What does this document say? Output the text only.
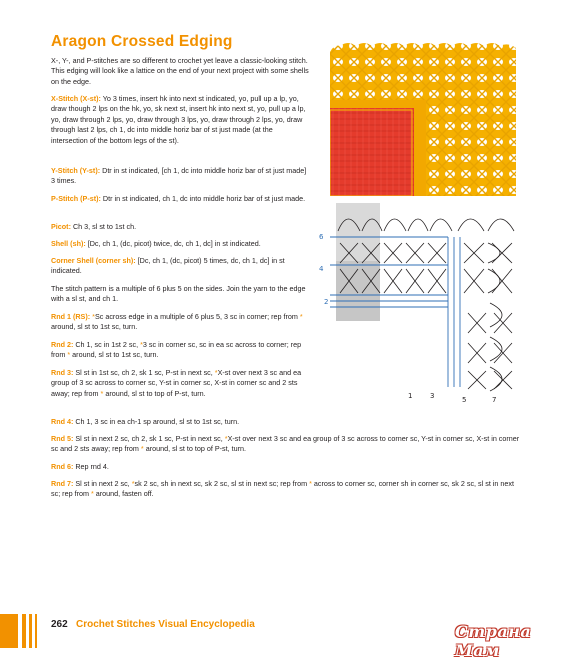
Aragon Crossed Edging
X-, Y-, and P-stitches are so different to crochet yet leave a classic-looking stitch. This edging will look like a lattice on the end of your next project with some shells on the edge.
X-Stitch (X-st): Yo 3 times, insert hk into next st indicated, yo, pull up a lp, yo, draw though 2 lps on the hk, yo, sk next st, insert hk into next st, yo, pull up a lp, yo, draw through 2 lps, yo, draw through 3 lps, yo, draw through 2 lps, yo, draw through last 2 lps, ch 1, dc into middle horiz bar of st just made (at the intersection of the bottom legs of the st).
Y-Stitch (Y-st): Dtr in st indicated, [ch 1, dc into middle horiz bar of st just made] 3 times.
P-Stitch (P-st): Dtr in st indicated, ch 1, dc into middle horiz bar of st just made.
Picot: Ch 3, sl st to 1st ch.
Shell (sh): [Dc, ch 1, (dc, picot) twice, dc, ch 1, dc] in st indicated.
Corner Shell (corner sh): [Dc, ch 1, (dc, picot) 5 times, dc, ch 1, dc] in st indicated.
The stitch pattern is a multiple of 6 plus 5 on the sides. Join the yarn to the edge with a sl st, and ch 1.
Rnd 1 (RS): *Sc across edge in a multiple of 6 plus 5, 3 sc in corner; rep from * around, sl st to 1st sc, turn.
Rnd 2: Ch 1, sc in 1st 2 sc, *3 sc in corner sc, sc in ea sc across to corner; rep from * around, sl st to 1st sc, turn.
Rnd 3: Sl st in 1st sc, ch 2, sk 1 sc, P-st in next sc, *X-st over next 3 sc and ea group of 3 sc across to corner sc, Y-st in corner sc, X-st in corner sc and 2 sts away; rep from * around, sl st to top of P-st, turn.
Rnd 4: Ch 1, 3 sc in ea ch-1 sp around, sl st to 1st sc, turn.
Rnd 5: Sl st in next 2 sc, ch 2, sk 1 sc, P-st in next sc, *X-st over next 3 sc and ea group of 3 sc across to corner sc, Y-st in corner sc, X-st in corner sc and 2 sts away; rep from * around, sl st to top of P-st, turn.
Rnd 6: Rep rnd 4.
Rnd 7: Sl st in next 2 sc, *sk 2 sc, sh in next sc, sk 2 sc, sl st in next sc; rep from * across to corner sc, corner sh in corner sc, sk 2 sc, sl st in next sc; rep from * around, fasten off.
1	3	5	7
6
4
2
262 Crochet Stitches Visual Encyclopedia	Страна Мам
